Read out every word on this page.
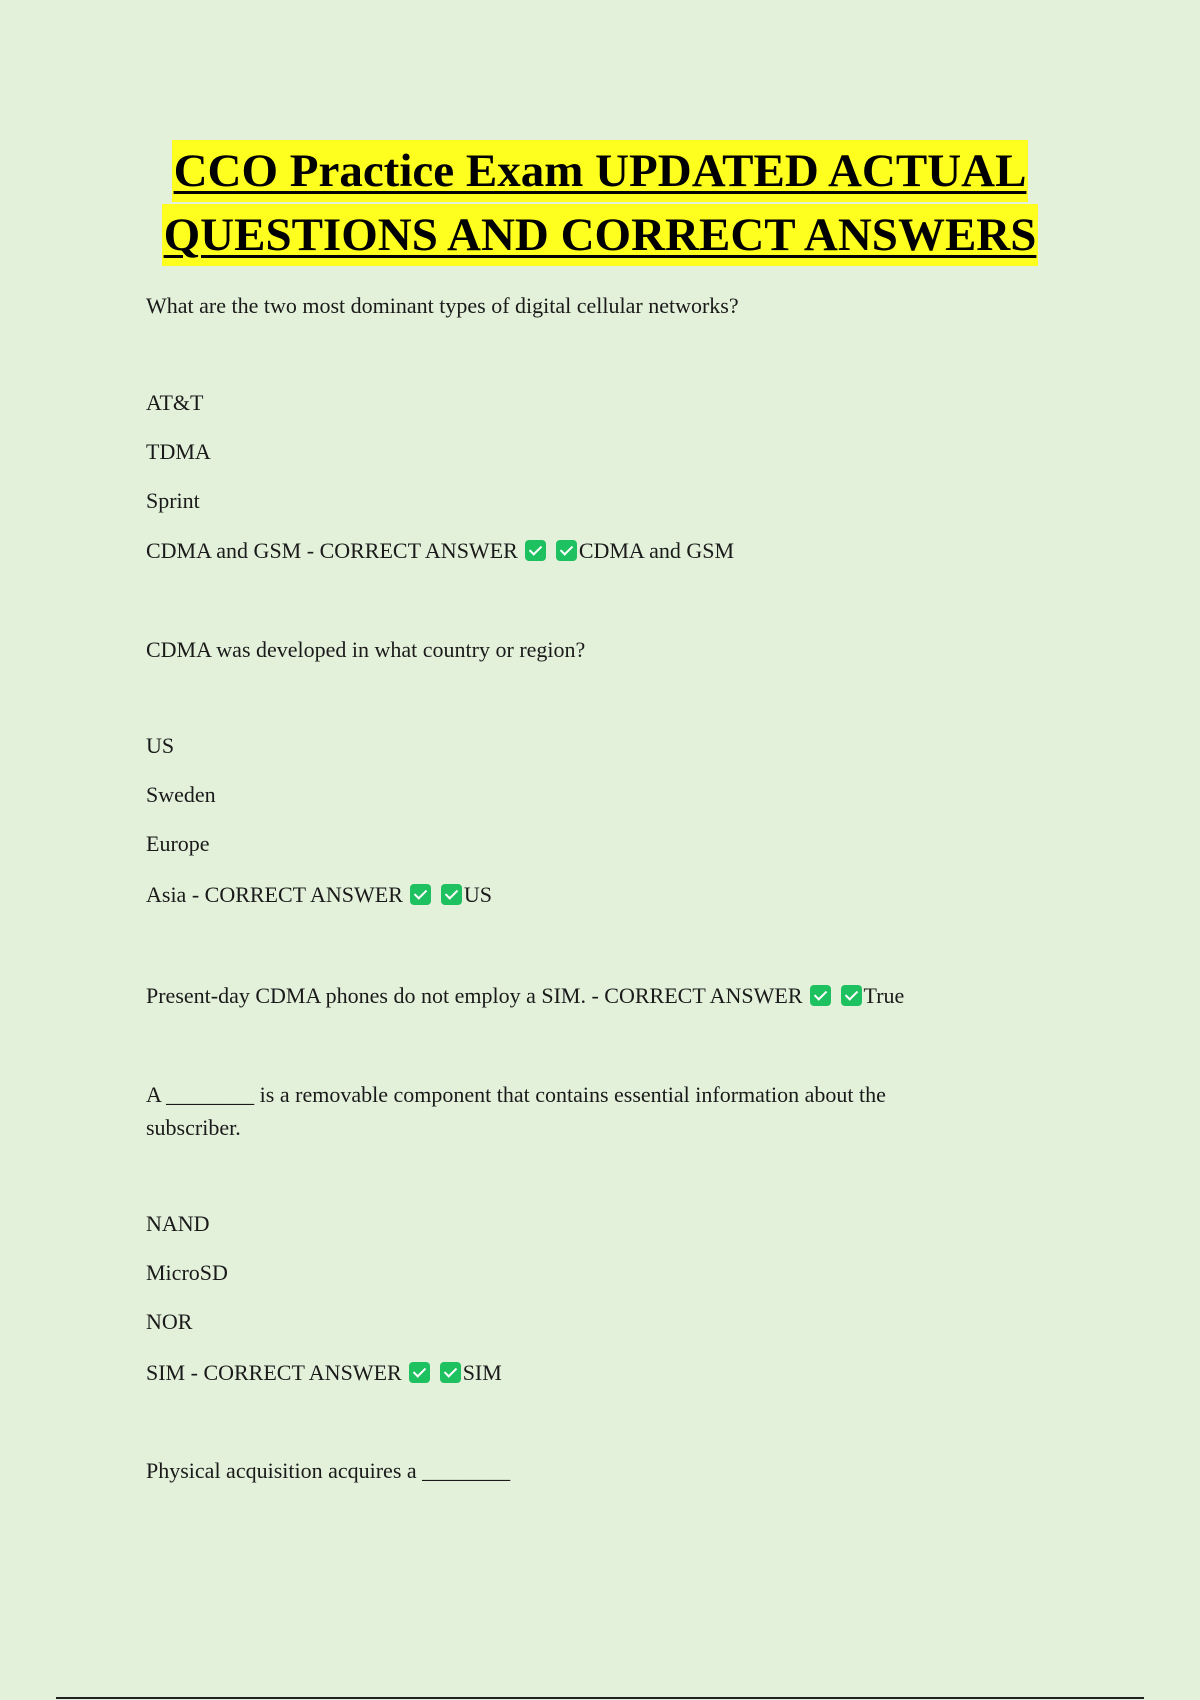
CCO Practice Exam UPDATED ACTUAL
QUESTIONS AND CORRECT ANSWERS
What are the two most dominant types of digital cellular networks?
AT&T
TDMA
Sprint
CDMA and GSM - CORRECT ANSWER	CDMA and GSM
CDMA was developed in what country or region?
US
Sweden
Europe
Asia - CORRECT ANSWER	US
Present-day CDMA phones do not employ a SIM. - CORRECT ANSWER	True
A ________ is a removable component that contains essential information about the subscriber.
NAND
MicroSD
NOR
SIM - CORRECT ANSWER	SIM
Physical acquisition acquires a ________
